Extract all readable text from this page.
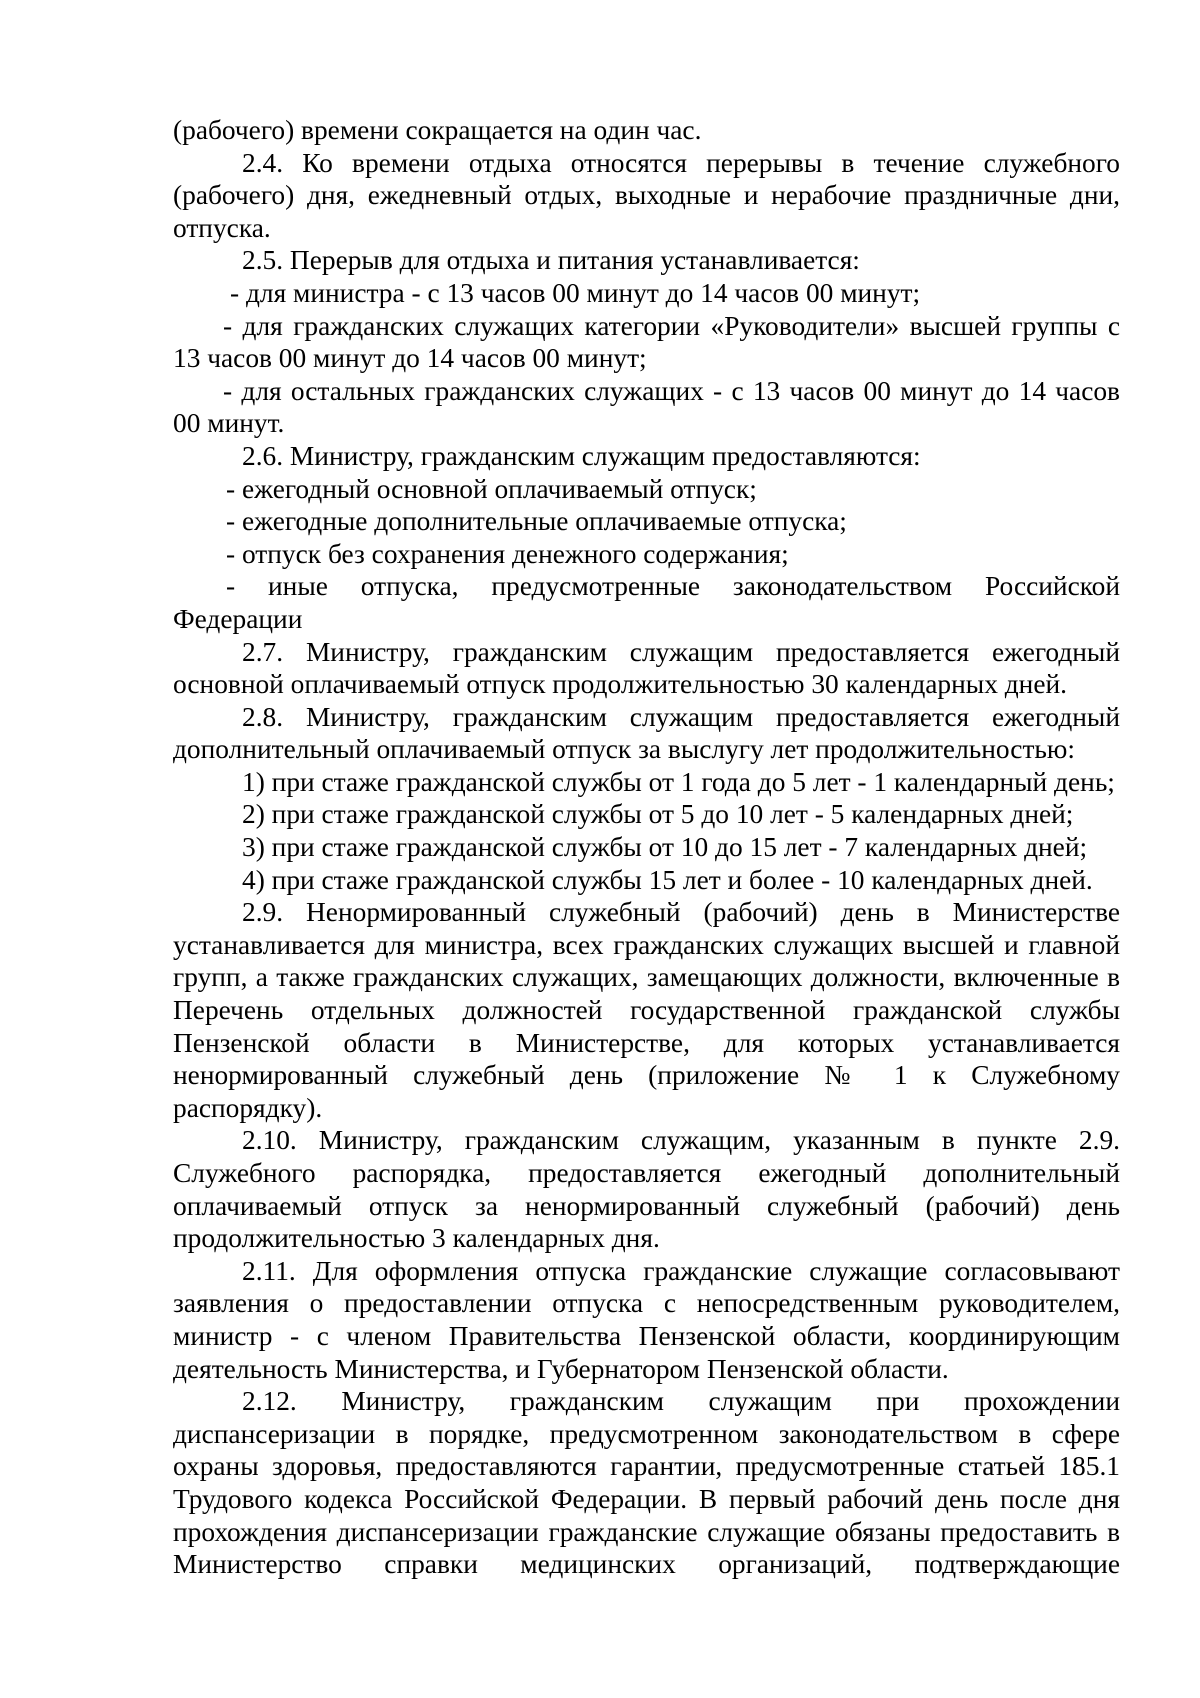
(рабочего) времени сокращается на один час.

2.4. Ко времени отдыха относятся перерывы в течение служебного (рабочего) дня, ежедневный отдых, выходные и нерабочие праздничные дни, отпуска.

2.5. Перерыв для отдыха и питания устанавливается:

- для министра - с 13 часов 00 минут до 14 часов 00 минут;

- для гражданских служащих категории «Руководители» высшей группы с 13 часов 00 минут до 14 часов 00 минут;

- для остальных гражданских служащих - с 13 часов 00 минут до 14 часов 00 минут.

2.6. Министру, гражданским служащим предоставляются:

- ежегодный основной оплачиваемый отпуск;

- ежегодные дополнительные оплачиваемые отпуска;

- отпуск без сохранения денежного содержания;

- иные отпуска, предусмотренные законодательством Российской Федерации

2.7. Министру, гражданским служащим предоставляется ежегодный основной оплачиваемый отпуск продолжительностью 30 календарных дней.

2.8. Министру, гражданским служащим предоставляется ежегодный дополнительный оплачиваемый отпуск за выслугу лет продолжительностью:

1) при стаже гражданской службы от 1 года до 5 лет - 1 календарный день;

2) при стаже гражданской службы от 5 до 10 лет - 5 календарных дней;

3) при стаже гражданской службы от 10 до 15 лет - 7 календарных дней;

4) при стаже гражданской службы 15 лет и более - 10 календарных дней.

2.9. Ненормированный служебный (рабочий) день в Министерстве устанавливается для министра, всех гражданских служащих высшей и главной групп, а также гражданских служащих, замещающих должности, включенные в Перечень отдельных должностей государственной гражданской службы Пензенской области в Министерстве, для которых устанавливается ненормированный служебный день (приложение № 1 к Служебному распорядку).

2.10. Министру, гражданским служащим, указанным в пункте 2.9. Служебного распорядка, предоставляется ежегодный дополнительный оплачиваемый отпуск за ненормированный служебный (рабочий) день продолжительностью 3 календарных дня.

2.11. Для оформления отпуска гражданские служащие согласовывают заявления о предоставлении отпуска с непосредственным руководителем, министр - с членом Правительства Пензенской области, координирующим деятельность Министерства, и Губернатором Пензенской области.

2.12. Министру, гражданским служащим при прохождении диспансеризации в порядке, предусмотренном законодательством в сфере охраны здоровья, предоставляются гарантии, предусмотренные статьей 185.1 Трудового кодекса Российской Федерации. В первый рабочий день после дня прохождения диспансеризации гражданские служащие обязаны предоставить в Министерство справки медицинских организаций, подтверждающие
